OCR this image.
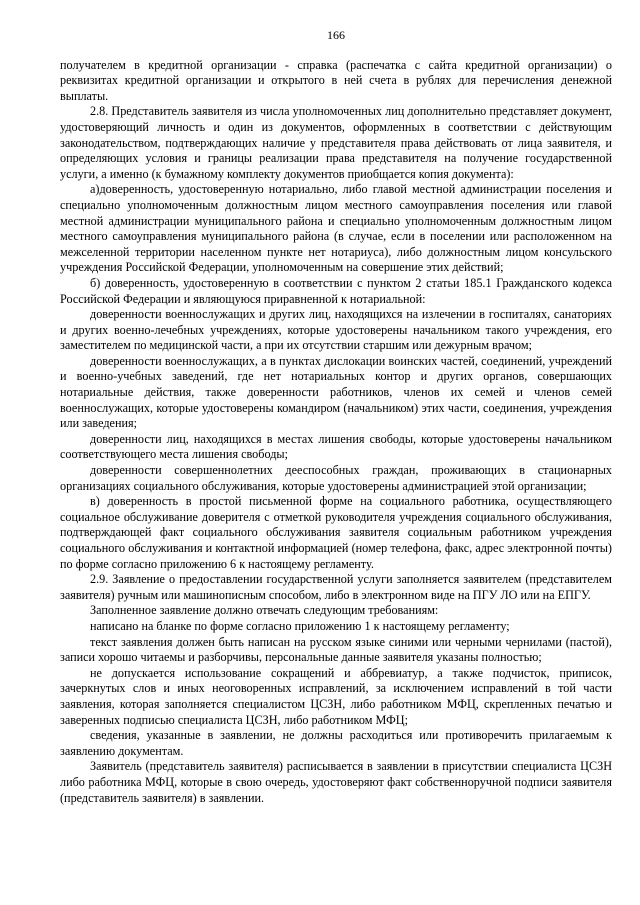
166

получателем в кредитной организации - справка (распечатка с сайта кредитной организации) о реквизитах кредитной организации и открытого в ней счета в рублях для перечисления денежной выплаты.

2.8. Представитель заявителя из числа уполномоченных лиц дополнительно представляет документ, удостоверяющий личность и один из документов, оформленных в соответствии с действующим законодательством, подтверждающих наличие у представителя права действовать от лица заявителя, и определяющих условия и границы реализации права представителя на получение государственной услуги, а именно (к бумажному комплекту документов приобщается копия документа):

а)доверенность, удостоверенную нотариально, либо главой местной администрации поселения и специально уполномоченным должностным лицом местного самоуправления поселения или главой местной администрации муниципального района и специально уполномоченным должностным лицом местного самоуправления муниципального района (в случае, если в поселении или расположенном на межселенной территории населенном пункте нет нотариуса), либо должностным лицом консульского учреждения Российской Федерации, уполномоченным на совершение этих действий;

б) доверенность, удостоверенную в соответствии с пунктом 2 статьи 185.1 Гражданского кодекса Российской Федерации и являющуюся приравненной к нотариальной:

доверенности военнослужащих и других лиц, находящихся на излечении в госпиталях, санаториях и других военно-лечебных учреждениях, которые удостоверены начальником такого учреждения, его заместителем по медицинской части, а при их отсутствии старшим или дежурным врачом;

доверенности военнослужащих, а в пунктах дислокации воинских частей, соединений, учреждений и военно-учебных заведений, где нет нотариальных контор и других органов, совершающих нотариальные действия, также доверенности работников, членов их семей и членов семей военнослужащих, которые удостоверены командиром (начальником) этих части, соединения, учреждения или заведения;

доверенности лиц, находящихся в местах лишения свободы, которые удостоверены начальником соответствующего места лишения свободы;

доверенности совершеннолетних дееспособных граждан, проживающих в стационарных организациях социального обслуживания, которые удостоверены администрацией этой организации;

в) доверенность в простой письменной форме на социального работника, осуществляющего социальное обслуживание доверителя с отметкой руководителя учреждения социального обслуживания, подтверждающей факт социального обслуживания заявителя социальным работником учреждения социального обслуживания и контактной информацией (номер телефона, факс, адрес электронной почты) по форме согласно приложению 6 к настоящему регламенту.

2.9. Заявление о предоставлении государственной услуги заполняется заявителем (представителем заявителя) ручным или машинописным способом, либо в электронном виде на ПГУ ЛО или на ЕПГУ.

Заполненное заявление должно отвечать следующим требованиям:

написано на бланке по форме согласно приложению 1 к настоящему регламенту;

текст заявления должен быть написан на русском языке синими или черными чернилами (пастой), записи хорошо читаемы и разборчивы, персональные данные заявителя указаны полностью;

не допускается использование сокращений и аббревиатур, а также подчисток, приписок, зачеркнутых слов и иных неоговоренных исправлений, за исключением исправлений в той части заявления, которая заполняется специалистом ЦСЗН, либо работником МФЦ, скрепленных печатью и заверенных подписью специалиста ЦСЗН, либо работником МФЦ;

сведения, указанные в заявлении, не должны расходиться или противоречить прилагаемым к заявлению документам.

Заявитель (представитель заявителя) расписывается в заявлении в присутствии специалиста ЦСЗН либо работника МФЦ, которые в свою очередь, удостоверяют факт собственноручной подписи заявителя (представитель заявителя) в заявлении.
